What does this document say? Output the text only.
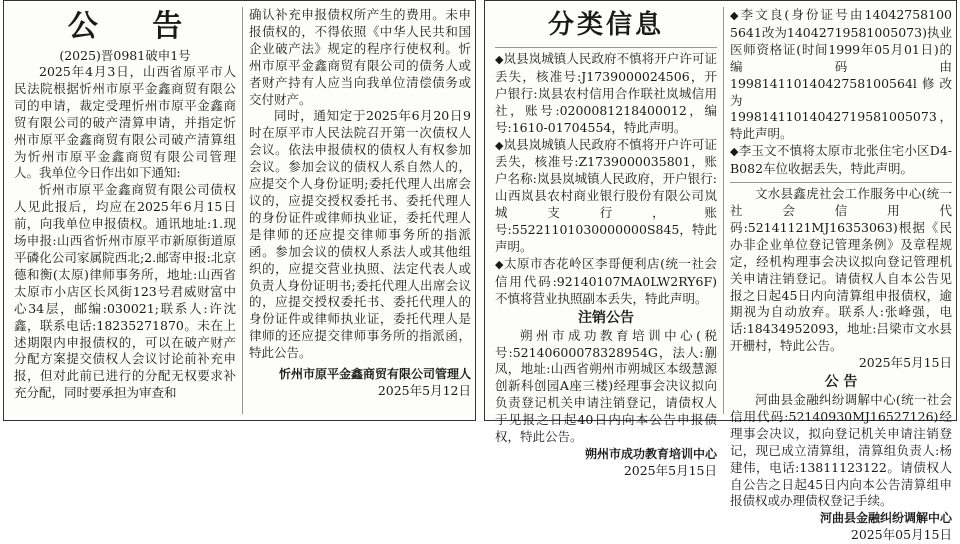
公 告

(2025)晋0981破申1号

2025年4月3日，山西省原平市人民法院根据忻州市原平金鑫商贸有限公司的申请，裁定受理忻州市原平金鑫商贸有限公司的破产清算申请，并指定忻州市原平金鑫商贸有限公司破产清算组为忻州市原平金鑫商贸有限公司管理人。我单位今日作出如下通知:

忻州市原平金鑫商贸有限公司债权人见此报后，均应在2025年6月15日前，向我单位申报债权。通讯地址:1.现场申报:山西省忻州市原平市新原街道原平磷化公司家属院西北;2.邮寄申报:北京德和衡(太原)律师事务所，地址:山西省太原市小店区长风街123号君威财富中心34层，邮编:030021;联系人:许沈鑫，联系电话:18235271870。未在上述期限内申报债权的，可以在破产财产分配方案提交债权人会议讨论前补充申报，但对此前已进行的分配无权要求补充分配，同时要承担为审查和

确认补充申报债权所产生的费用。未申报债权的，不得依照《中华人民共和国企业破产法》规定的程序行使权利。忻州市原平金鑫商贸有限公司的债务人或者财产持有人应当向我单位清偿债务或交付财产。

同时，通知定于2025年6月20日9时在原平市人民法院召开第一次债权人会议。依法申报债权的债权人有权参加会议。参加会议的债权人系自然人的，应提交个人身份证明;委托代理人出席会议的，应提交授权委托书、委托代理人的身份证件或律师执业证，委托代理人是律师的还应提交律师事务所的指派函。参加会议的债权人系法人或其他组织的，应提交营业执照、法定代表人或负责人身份证明书;委托代理人出席会议的，应提交授权委托书、委托代理人的身份证件或律师执业证，委托代理人是律师的还应提交律师事务所的指派函，特此公告。

忻州市原平金鑫商贸有限公司管理人

2025年5月12日

分类信息

◆岚县岚城镇人民政府不慎将开户许可证丢失，核准号:J1739000024506，开户银行:岚县农村信用合作联社岚城信用社，账号:0200081218400012，编号:1610-01704554，特此声明。

◆岚县岚城镇人民政府不慎将开户许可证丢失，核准号:Z1739000035801，账户名称:岚县岚城镇人民政府，开户银行:山西岚县农村商业银行股份有限公司岚城支行，账号:55221101030000000S845，特此声明。

◆太原市杏花岭区李哥便利店(统一社会信用代码:92140107MA0LW2RY6F)不慎将营业执照副本丢失，特此声明。

注销公告

朔州市成功教育培训中心(税号:52140600078328954G，法人:蒯凤，地址:山西省朔州市朔城区本级慧源创新科创园A座三楼)经理事会决议拟向负责登记机关申请注销登记，请债权人于见报之日起40日内向本公告申报债权，特此公告。

朔州市成功教育培训中心

2025年5月15日

◆李文良(身份证号由14042758100 5641改为14042719581005073)执业医师资格证(时间1999年05月01日)的编码由19981411014042758100564l修改为19981411014042719581005073，特此声明。

◆李玉文不慎将太原市北张住宅小区D4-B082车位收据丢失，特此声明。

文水县鑫虎社会工作服务中心(统一社会信用代码:52141121MJ16353063)根据《民办非企业单位登记管理条例》及章程规定，经机构理事会决议拟向登记管理机关申请注销登记。请债权人自本公告见报之日起45日内向清算组申报债权，逾期视为自动放弃。联系人:张峰强，电话:18434952093，地址:吕梁市文水县开栅村，特此公告。

2025年5月15日

公 告

河曲县金融纠纷调解中心(统一社会信用代码:52140930MJ16527126)经理事会决议，拟向登记机关申请注销登记，现已成立清算组，清算组负责人:杨建伟，电话:13811123122。请债权人自公告之日起45日内向本公告清算组申报债权或办理债权登记手续。

河曲县金融纠纷调解中心

2025年05月15日
